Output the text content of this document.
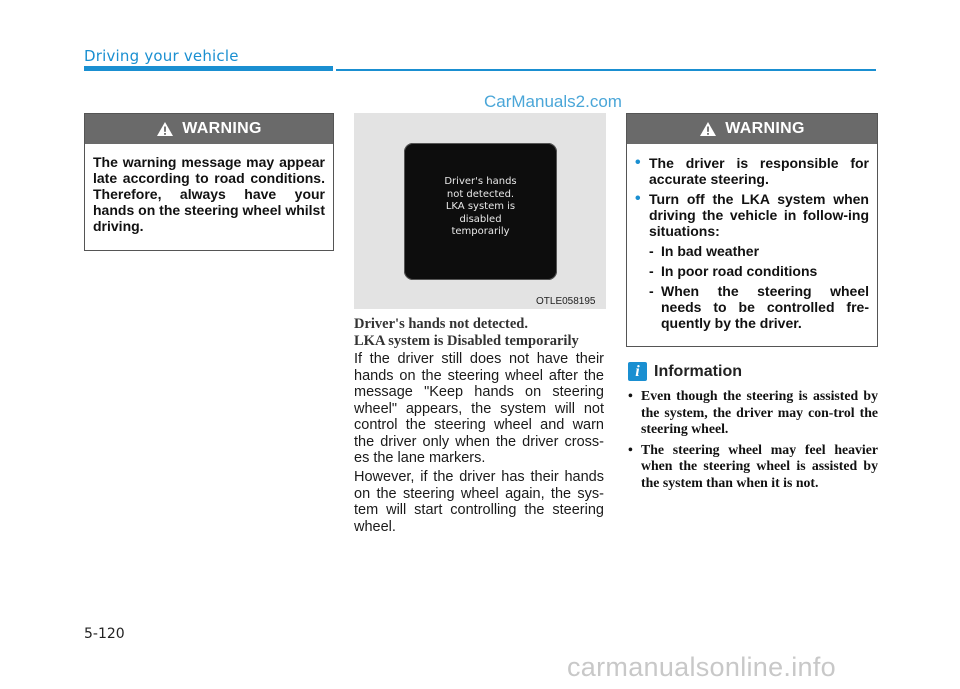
Driving your vehicle
CarManuals2.com
WARNING
The warning message may appear late according to road conditions. Therefore, always have your hands on the steering wheel whilst driving.
Driver's hands
not detected.
LKA system is
disabled
temporarily
OTLE058195
Driver's hands not detected.
LKA system is Disabled temporarily
If the driver still does not have their hands on the steering wheel after the message "Keep hands on steering wheel" appears, the system will not control the steering wheel and warn the driver only when the driver cross-es the lane markers.
However, if the driver has their hands on the steering wheel again, the sys-tem will start controlling the steering wheel.
WARNING
• The driver is responsible for accurate steering.
• Turn off the LKA system when driving the vehicle in follow-ing situations:
- In bad weather
- In poor road conditions
- When the steering wheel needs to be controlled fre-quently by the driver.
i Information
• Even though the steering is assisted by the system, the driver may con-trol the steering wheel.
• The steering wheel may feel heavier when the steering wheel is assisted by the system than when it is not.
5-120
carmanualsonline.info
